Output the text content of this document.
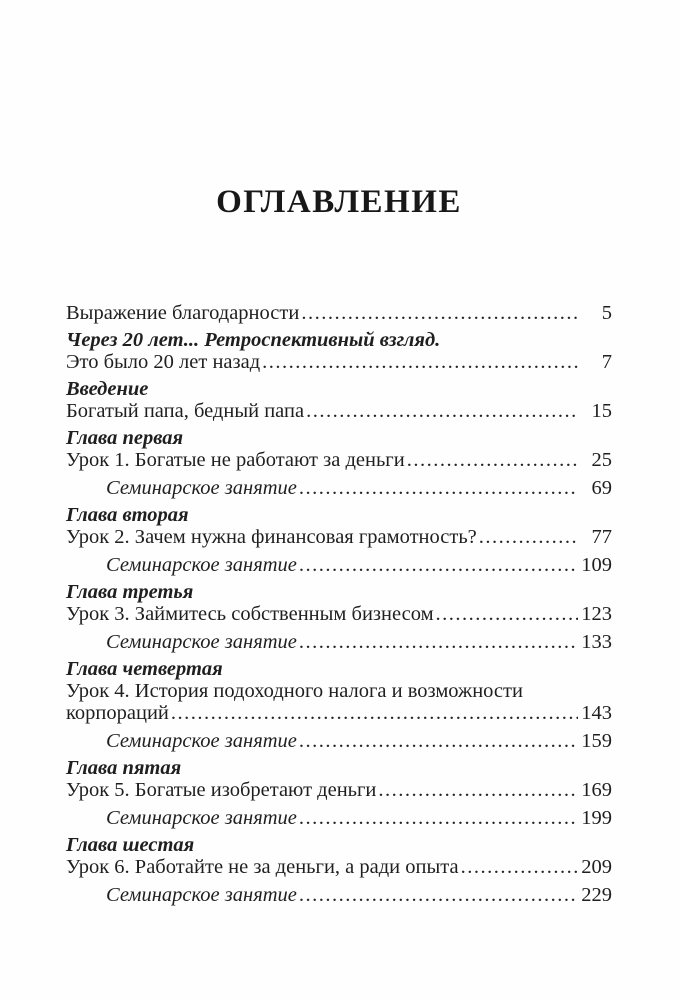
ОГЛАВЛЕНИЕ
Выражение благодарности .....	5
Через 20 лет... Ретроспективный взгляд.
Это было 20 лет назад .....	7
Введение
Богатый папа, бедный папа .....	15
Глава первая
Урок 1. Богатые не работают за деньги .....	25
Семинарское занятие .....	69
Глава вторая
Урок 2. Зачем нужна финансовая грамотность? .....	77
Семинарское занятие .....	109
Глава третья
Урок 3. Займитесь собственным бизнесом .....	123
Семинарское занятие .....	133
Глава четвертая
Урок 4. История подоходного налога и возможности
корпораций .....	143
Семинарское занятие .....	159
Глава пятая
Урок 5. Богатые изобретают деньги .....	169
Семинарское занятие .....	199
Глава шестая
Урок 6. Работайте не за деньги, а ради опыта .....	209
Семинарское занятие .....	229
